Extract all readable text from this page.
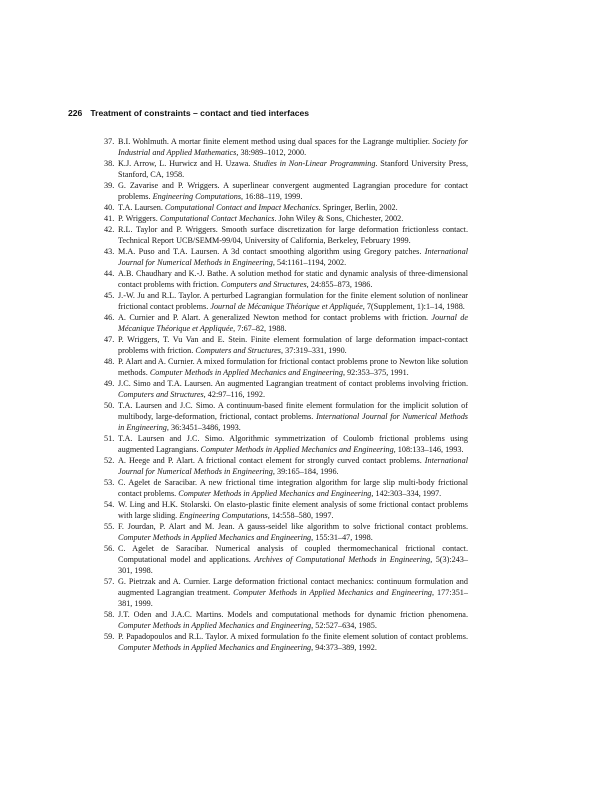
226 Treatment of constraints – contact and tied interfaces
37. B.I. Wohlmuth. A mortar finite element method using dual spaces for the Lagrange multiplier. Society for Industrial and Applied Mathematics, 38:989–1012, 2000.
38. K.J. Arrow, L. Hurwicz and H. Uzawa. Studies in Non-Linear Programming. Stanford University Press, Stanford, CA, 1958.
39. G. Zavarise and P. Wriggers. A superlinear convergent augmented Lagrangian procedure for contact problems. Engineering Computations, 16:88–119, 1999.
40. T.A. Laursen. Computational Contact and Impact Mechanics. Springer, Berlin, 2002.
41. P. Wriggers. Computational Contact Mechanics. John Wiley & Sons, Chichester, 2002.
42. R.L. Taylor and P. Wriggers. Smooth surface discretization for large deformation frictionless contact. Technical Report UCB/SEMM-99/04, University of California, Berkeley, February 1999.
43. M.A. Puso and T.A. Laursen. A 3d contact smoothing algorithm using Gregory patches. International Journal for Numerical Methods in Engineering, 54:1161–1194, 2002.
44. A.B. Chaudhary and K.-J. Bathe. A solution method for static and dynamic analysis of three-dimensional contact problems with friction. Computers and Structures, 24:855–873, 1986.
45. J.-W. Ju and R.L. Taylor. A perturbed Lagrangian formulation for the finite element solution of nonlinear frictional contact problems. Journal de Mécanique Théorique et Appliquée, 7(Supplement, 1):1–14, 1988.
46. A. Curnier and P. Alart. A generalized Newton method for contact problems with friction. Journal de Mécanique Théorique et Appliquée, 7:67–82, 1988.
47. P. Wriggers, T. Vu Van and E. Stein. Finite element formulation of large deformation impact-contact problems with friction. Computers and Structures, 37:319–331, 1990.
48. P. Alart and A. Curnier. A mixed formulation for frictional contact problems prone to Newton like solution methods. Computer Methods in Applied Mechanics and Engineering, 92:353–375, 1991.
49. J.C. Simo and T.A. Laursen. An augmented Lagrangian treatment of contact problems involving friction. Computers and Structures, 42:97–116, 1992.
50. T.A. Laursen and J.C. Simo. A continuum-based finite element formulation for the implicit solution of multibody, large-deformation, frictional, contact problems. International Journal for Numerical Methods in Engineering, 36:3451–3486, 1993.
51. T.A. Laursen and J.C. Simo. Algorithmic symmetrization of Coulomb frictional problems using augmented Lagrangians. Computer Methods in Applied Mechanics and Engineering, 108:133–146, 1993.
52. A. Heege and P. Alart. A frictional contact element for strongly curved contact problems. International Journal for Numerical Methods in Engineering, 39:165–184, 1996.
53. C. Agelet de Saracibar. A new frictional time integration algorithm for large slip multi-body frictional contact problems. Computer Methods in Applied Mechanics and Engineering, 142:303–334, 1997.
54. W. Ling and H.K. Stolarski. On elasto-plastic finite element analysis of some frictional contact problems with large sliding. Engineering Computations, 14:558–580, 1997.
55. F. Jourdan, P. Alart and M. Jean. A gauss-seidel like algorithm to solve frictional contact problems. Computer Methods in Applied Mechanics and Engineering, 155:31–47, 1998.
56. C. Agelet de Saracibar. Numerical analysis of coupled thermomechanical frictional contact. Computational model and applications. Archives of Computational Methods in Engineering, 5(3):243–301, 1998.
57. G. Pietrzak and A. Curnier. Large deformation frictional contact mechanics: continuum formulation and augmented Lagrangian treatment. Computer Methods in Applied Mechanics and Engineering, 177:351–381, 1999.
58. J.T. Oden and J.A.C. Martins. Models and computational methods for dynamic friction phenomena. Computer Methods in Applied Mechanics and Engineering, 52:527–634, 1985.
59. P. Papadopoulos and R.L. Taylor. A mixed formulation fo the finite element solution of contact problems. Computer Methods in Applied Mechanics and Engineering, 94:373–389, 1992.
